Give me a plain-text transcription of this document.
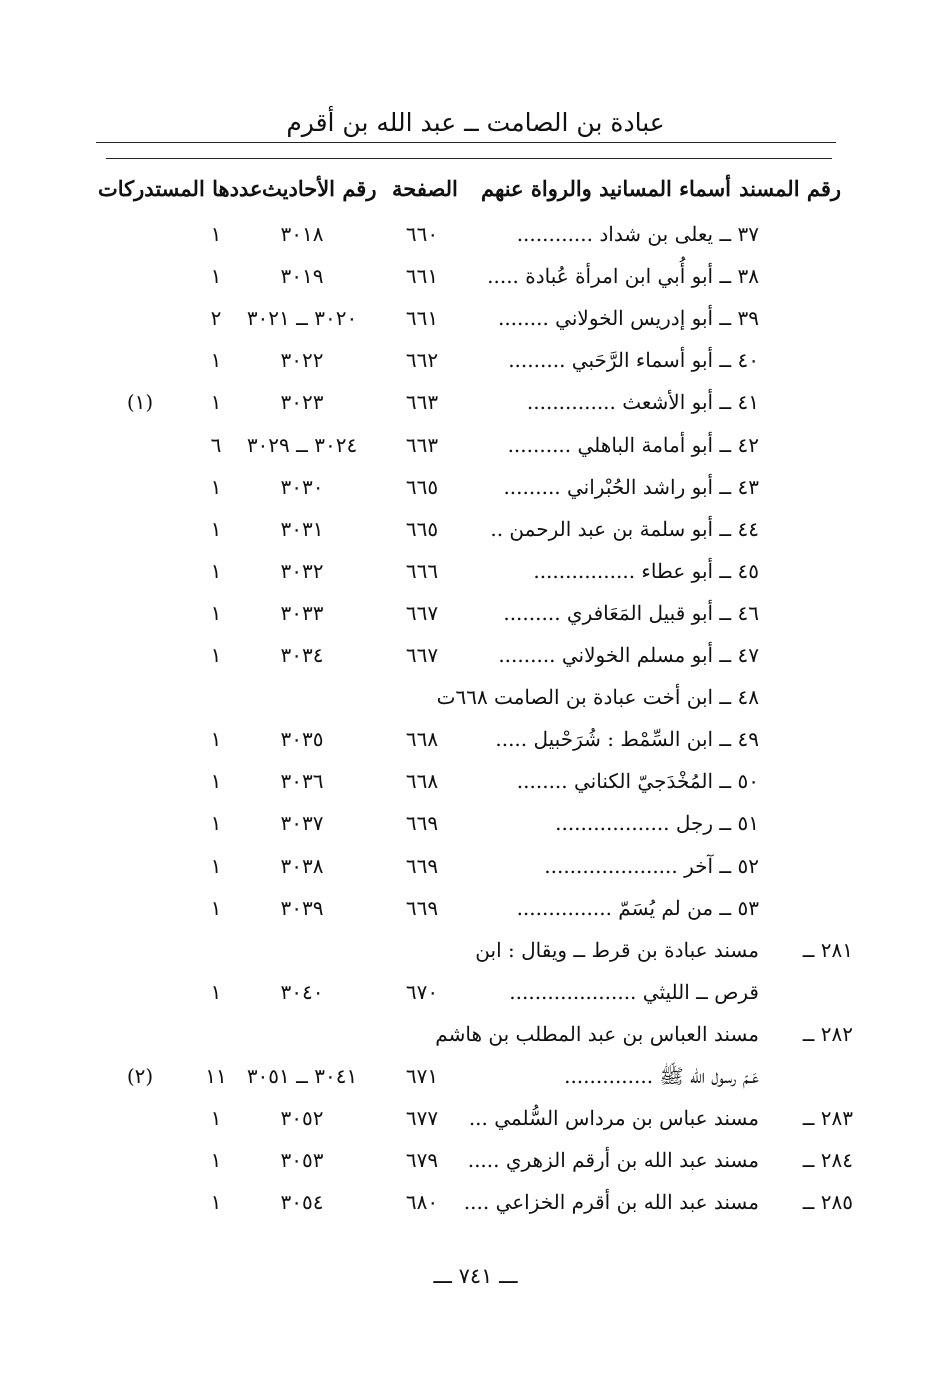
عبادة بن الصامت ــ عبد الله بن أقرم
رقم المسند
أسماء المسانيد والرواة عنهم
الصفحة
رقم الأحاديث
عددها المستدركات
٣٧ ــ يعلى بن شداد ............
٦٦٠
٣٠١٨
١
٣٨ ــ أبو أُبي ابن امرأة عُبادة .....
٦٦١
٣٠١٩
١
٣٩ ــ أبو إدريس الخولاني ........
٦٦١
٣٠٢٠ ــ ٣٠٢١
٢
٤٠ ــ أبو أسماء الرَّحَبي .........
٦٦٢
٣٠٢٢
١
٤١ ــ أبو الأشعث ..............
٦٦٣
٣٠٢٣
١
(١)
٤٢ ــ أبو أمامة الباهلي ..........
٦٦٣
٣٠٢٤ ــ ٣٠٢٩
٦
٤٣ ــ أبو راشد الحُبْراني .........
٦٦٥
٣٠٣٠
١
٤٤ ــ أبو سلمة بن عبد الرحمن ..
٦٦٥
٣٠٣١
١
٤٥ ــ أبو عطاء ................
٦٦٦
٣٠٣٢
١
٤٦ ــ أبو قبيل المَعَافري .........
٦٦٧
٣٠٣٣
١
٤٧ ــ أبو مسلم الخولاني .........
٦٦٧
٣٠٣٤
١
٤٨ ــ ابن أخت عبادة بن الصامت ٦٦٨ت
٤٩ ــ ابن السِّمْط : شُرَحْبيل .....
٦٦٨
٣٠٣٥
١
٥٠ ــ المُخْدَجيّ الكناني ........
٦٦٨
٣٠٣٦
١
٥١ ــ رجل ..................
٦٦٩
٣٠٣٧
١
٥٢ ــ آخر .....................
٦٦٩
٣٠٣٨
١
٥٣ ــ من لم يُسَمّ ...............
٦٦٩
٣٠٣٩
١
٢٨١ ــ
مسند عبادة بن قرط ــ ويقال : ابن
قرص ــ الليثي ....................
٦٧٠
٣٠٤٠
١
٢٨٢ ــ
مسند العباس بن عبد المطلب بن هاشم
عَـمّ رسول الله ﷺ ..............
٦٧١
٣٠٤١ ــ ٣٠٥١
١١
(٢)
٢٨٣ ــ
مسند عباس بن مرداس السُّلمي ...
٦٧٧
٣٠٥٢
١
٢٨٤ ــ
مسند عبد الله بن أرقم الزهري .....
٦٧٩
٣٠٥٣
١
٢٨٥ ــ
مسند عبد الله بن أقرم الخزاعي ....
٦٨٠
٣٠٥٤
١
ـــ ٧٤١ ـــ
